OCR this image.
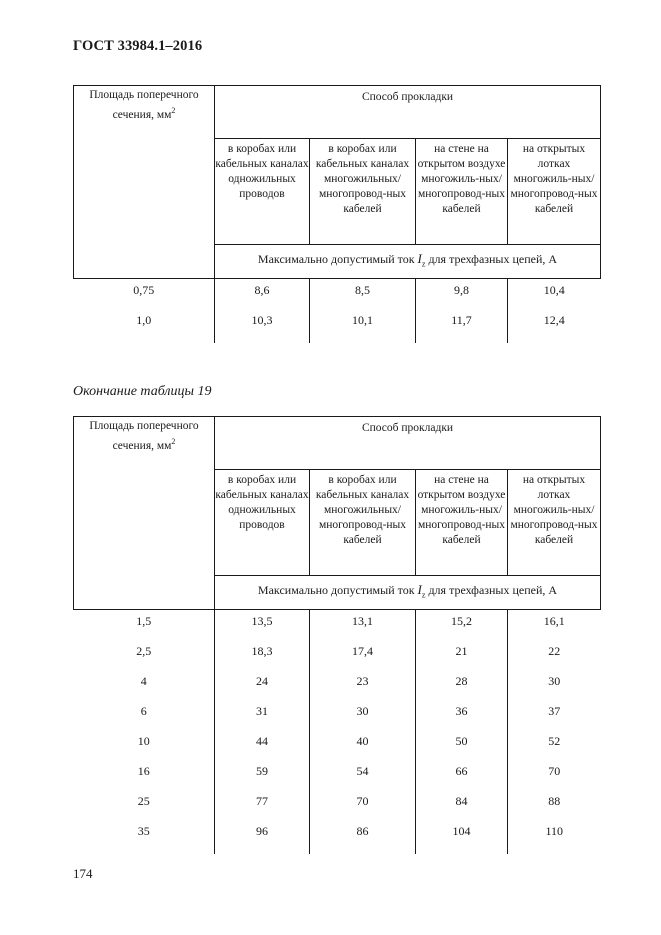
ГОСТ 33984.1–2016
Площадь поперечного сечения, $мм^2$	Способ прокладки			
	в коробах или кабельных каналах одножильных проводов	в коробах или кабельных каналах многожильных/ многопровод-ных кабелей	на стене на открытом воздухе многожиль-ных/ многопровод-ных кабелей	на открытых лотках многожиль-ных/ многопровод-ных кабелей
	Максимально допустимый ток $I_z$ для трехфазных цепей, А			
0,75	8,6	8,5	9,8	10,4
1,0	10,3	10,1	11,7	12,4
Окончание таблицы 19
Площадь поперечного сечения, $мм^2$	Способ прокладки			
	в коробах или кабельных каналах одножильных проводов	в коробах или кабельных каналах многожильных/ многопровод-ных кабелей	на стене на открытом воздухе многожиль-ных/ многопровод-ных кабелей	на открытых лотках многожиль-ных/ многопровод-ных кабелей
	Максимально допустимый ток $I_z$ для трехфазных цепей, А			
1,5	13,5	13,1	15,2	16,1
2,5	18,3	17,4	21	22
4	24	23	28	30
6	31	30	36	37
10	44	40	50	52
16	59	54	66	70
25	77	70	84	88
35	96	86	104	110
174
